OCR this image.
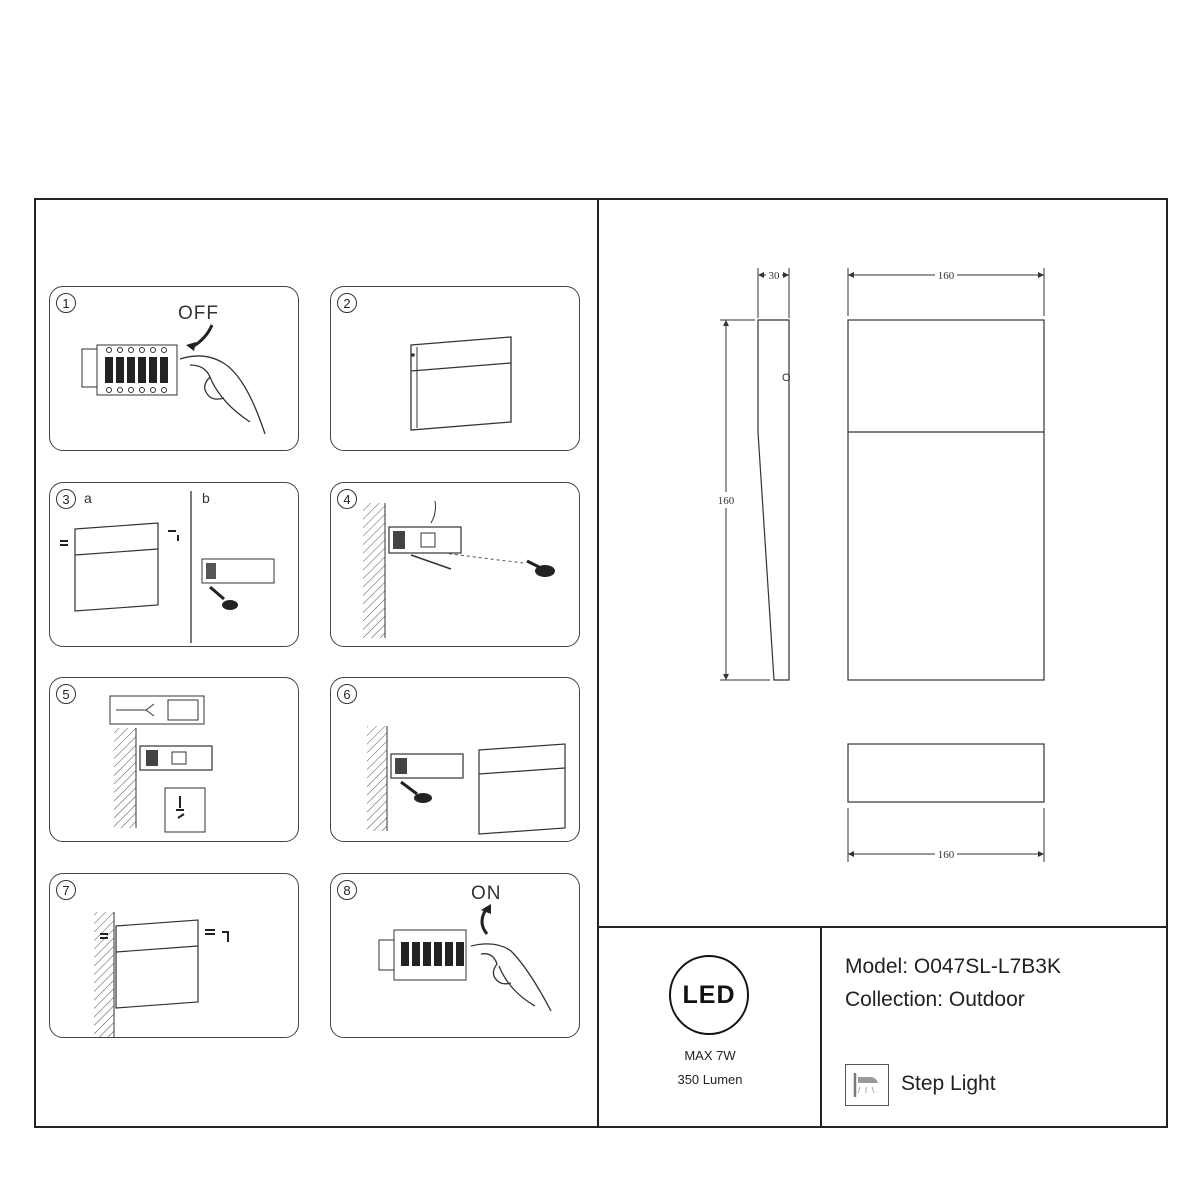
1	OFF	2
3	a	b	4
5	6
7	8	ON
O
30
160
160
160
LED
MAX 7W
350 Lumen
Model: O047SL-L7B3K
Collection: Outdoor
Step Light
